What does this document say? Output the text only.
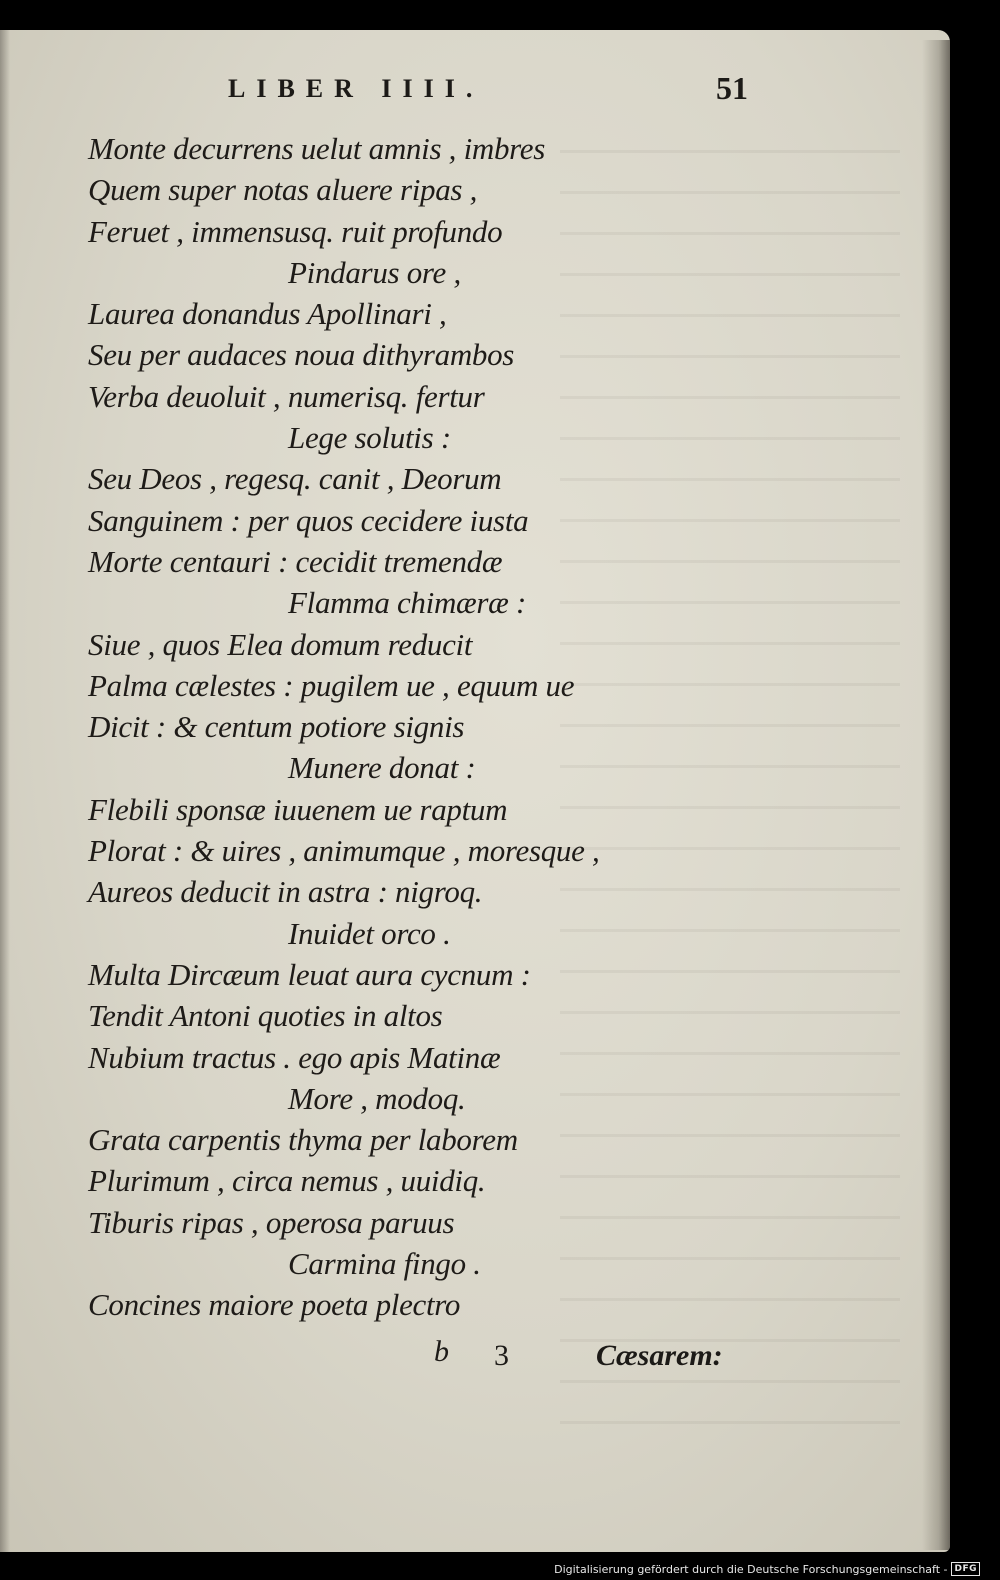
LIBER IIII.	51
Monte decurrens uelut amnis , imbres
Quem super notas aluere ripas ,
Feruet , immensusq. ruit profundo
Pindarus ore ,
Laurea donandus Apollinari ,
Seu per audaces noua dithyrambos
Verba deuoluit , numerisq. fertur
Lege solutis :
Seu Deos , regesq. canit , Deorum
Sanguinem : per quos cecidere iusta
Morte centauri : cecidit tremendæ
Flamma chimæræ :
Siue , quos Elea domum reducit
Palma cælestes : pugilem ue , equum ue
Dicit : & centum potiore signis
Munere donat :
Flebili sponsæ iuuenem ue raptum
Plorat : & uires , animumque , moresque ,
Aureos deducit in astra : nigroq.
Inuidet orco .
Multa Dircæum leuat aura cycnum :
Tendit Antoni quoties in altos
Nubium tractus . ego apis Matinæ
More , modoq.
Grata carpentis thyma per laborem
Plurimum , circa nemus , uuidiq.
Tiburis ripas , operosa paruus
Carmina fingo .
Concines maiore poeta plectro
b 3	Cæsarem:
Digitalisierung gefördert durch die Deutsche Forschungsgemeinschaft - DFG
